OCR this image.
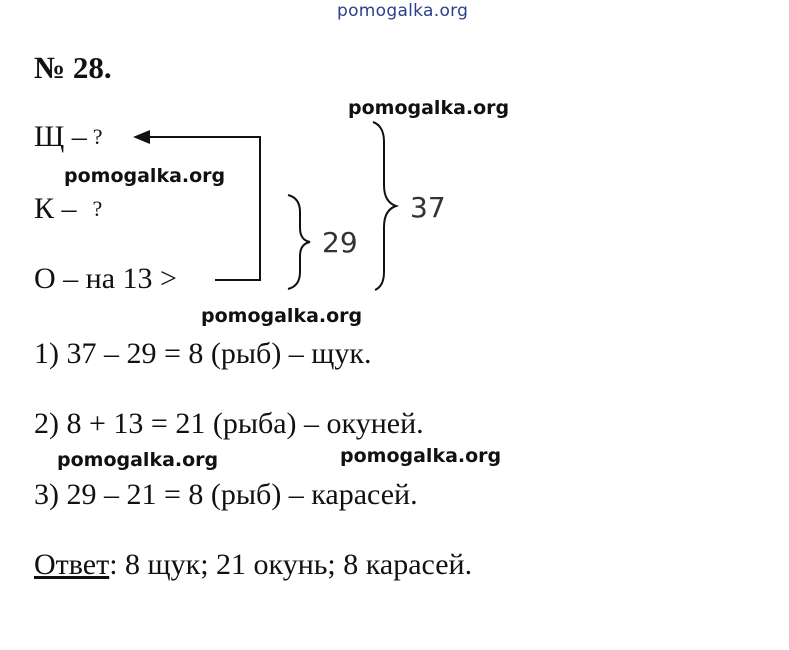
pomogalka.org
№ 28.
Щ – ?
К – ?
О – на 13 >
29
37
pomogalka.org
pomogalka.org
pomogalka.org
pomogalka.org	pomogalka.org
1) 37 – 29 = 8 (рыб) – щук.
2) 8 + 13 = 21 (рыба) – окуней.
3) 29 – 21 = 8 (рыб) – карасей.
Ответ: 8 щук; 21 окунь; 8 карасей.
